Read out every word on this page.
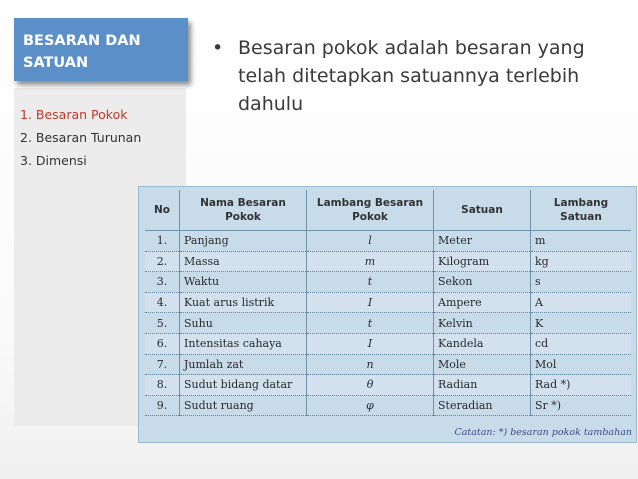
BESARAN DAN SATUAN
1. Besaran Pokok
2. Besaran Turunan
3. Dimensi
• Besaran pokok adalah besaran yang telah ditetapkan satuannya terlebih dahulu
No	Nama Besaran Pokok	Lambang Besaran Pokok	Satuan	Lambang Satuan
1.	Panjang	l	Meter	m
2.	Massa	m	Kilogram	kg
3.	Waktu	t	Sekon	s
4.	Kuat arus listrik	I	Ampere	A
5.	Suhu	t	Kelvin	K
6.	Intensitas cahaya	I	Kandela	cd
7.	Jumlah zat	n	Mole	Mol
8.	Sudut bidang datar	θ	Radian	Rad *)
9.	Sudut ruang	φ	Steradian	Sr *)
Catatan: *) besaran pokok tambahan
